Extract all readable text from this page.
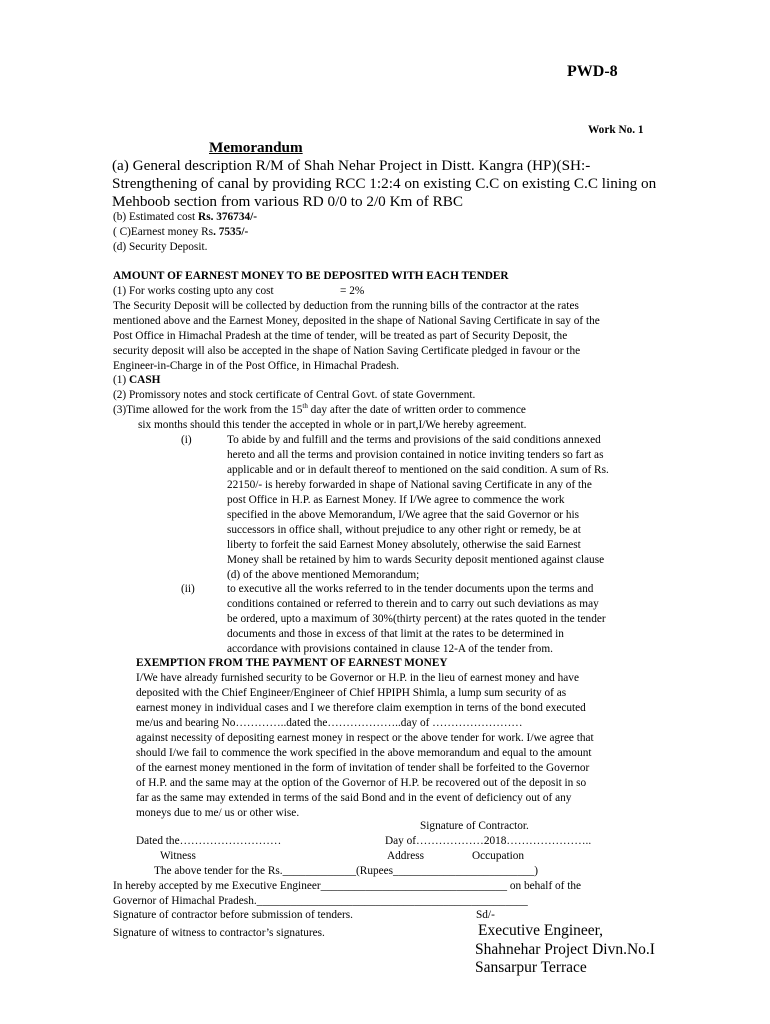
PWD-8
Work No. 1
Memorandum
(a) General description R/M of Shah Nehar Project in Distt. Kangra (HP)(SH:-
Strengthening of canal by providing RCC 1:2:4 on existing C.C on existing C.C lining on
Mehboob section from various RD 0/0 to 2/0 Km of RBC
(b) Estimated cost Rs. 376734/-
( C)Earnest money Rs. 7535/-
(d) Security Deposit.
AMOUNT OF EARNEST MONEY TO BE DEPOSITED WITH EACH TENDER
(1) For works costing upto any cost	= 2%
The Security Deposit will be collected by deduction from the running bills of the contractor at the rates
mentioned above and the Earnest Money, deposited in the shape of National Saving Certificate in say of the
Post Office in Himachal Pradesh at the time of tender, will be treated as part of Security Deposit, the
security deposit will also be accepted in the shape of Nation Saving Certificate pledged in favour or the
Engineer-in-Charge in of the Post Office, in Himachal Pradesh.
(1) CASH
(2) Promissory notes and stock certificate of Central Govt. of state Government.
(3)Time allowed for the work from the 15th day after the date of written order to commence
six months should this tender the accepted in whole or in part,I/We hereby agreement.
(i)	To abide by and fulfill and the terms and provisions of the said conditions annexed
hereto and all the terms and provision contained in notice inviting tenders so fart as
applicable and or in default thereof to mentioned on the said condition. A sum of Rs.
22150/- is hereby forwarded in shape of National saving Certificate in any of the
post Office in H.P. as Earnest Money. If I/We agree to commence the work
specified in the above Memorandum, I/We agree that the said Governor or his
successors in office shall, without prejudice to any other right or remedy, be at
liberty to forfeit the said Earnest Money absolutely, otherwise the said Earnest
Money shall be retained by him to wards Security deposit mentioned against clause
(d) of the above mentioned Memorandum;
(ii)	to executive all the works referred to in the tender documents upon the terms and
conditions contained or referred to therein and to carry out such deviations as may
be ordered, upto a maximum of 30%(thirty percent) at the rates quoted in the tender
documents and those in excess of that limit at the rates to be determined in
accordance with provisions contained in clause 12-A of the tender from.
EXEMPTION FROM THE PAYMENT OF EARNEST MONEY
I/We have already furnished security to be Governor or H.P. in the lieu of earnest money and have
deposited with the Chief Engineer/Engineer of Chief HPIPH Shimla, a lump sum security of as
earnest money in individual cases and I we therefore claim exemption in terns of the bond executed
me/us and bearing No…………..dated the………………..day of ……………………
against necessity of depositing earnest money in respect or the above tender for work. I/we agree that
should I/we fail to commence the work specified in the above memorandum and equal to the amount
of the earnest money mentioned in the form of invitation of tender shall be forfeited to the Governor
of H.P. and the same may at the option of the Governor of H.P. be recovered out of the deposit in so
far as the same may extended in terms of the said Bond and in the event of deficiency out of any
moneys due to me/ us or other wise.
Signature of Contractor.
Dated the………………………	Day of………………2018…………………..
Witness	Address	Occupation
The above tender for the Rs._____________(Rupees_________________________)
In hereby accepted by me Executive Engineer_________________________________ on behalf of the
Governor of Himachal Pradesh.________________________________________________
Signature of contractor before submission of tenders.	Sd/-
Signature of witness to contractor’s signatures.	Executive Engineer,
Shahnehar Project Divn.No.I
Sansarpur Terrace
